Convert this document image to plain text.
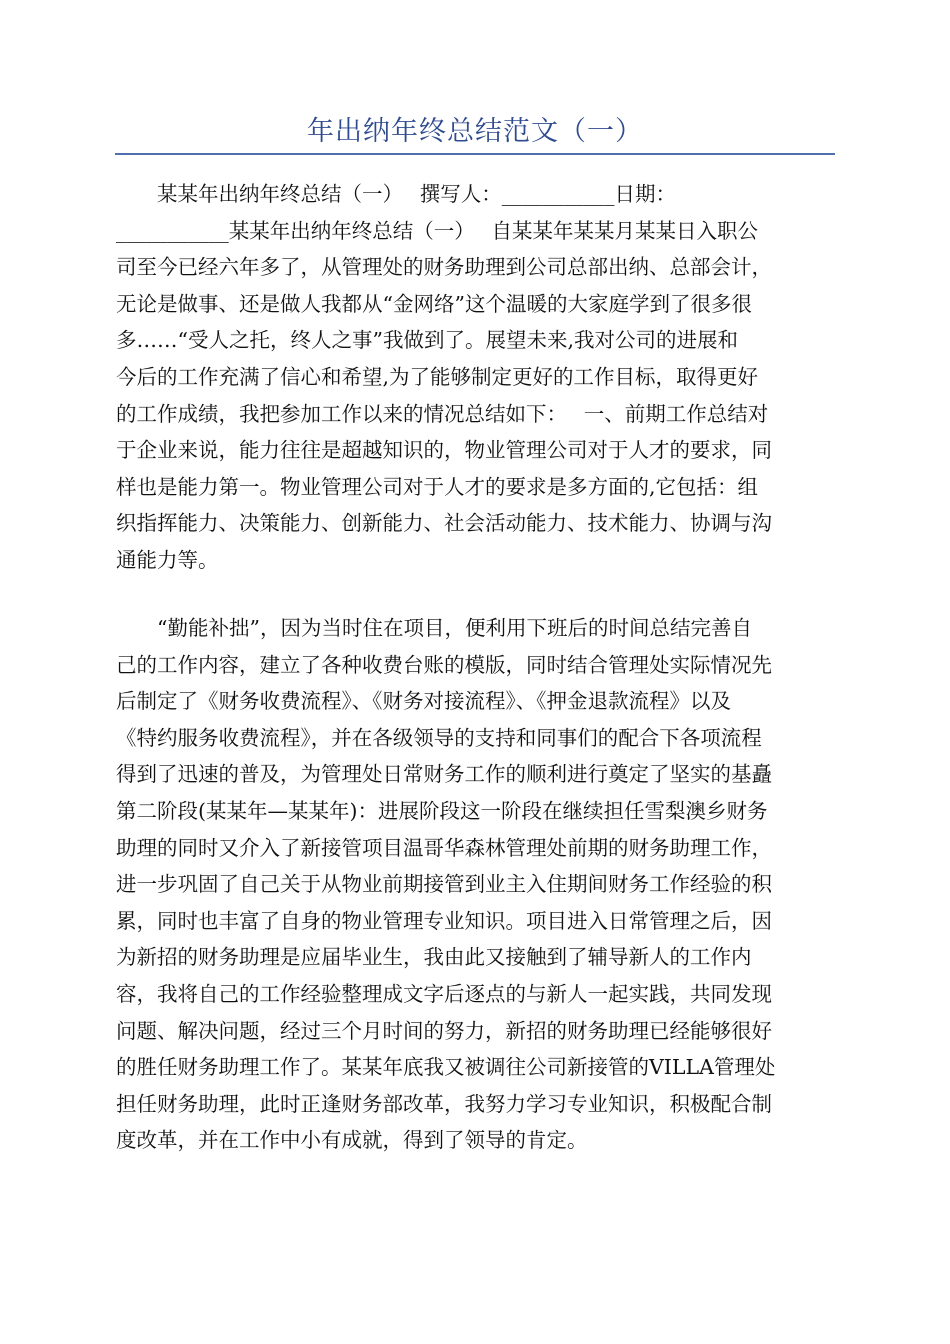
年出纳年终总结范文（一）
　　某某年出纳年终总结（一）　 撰写人：___________日期：
___________某某年出纳年终总结（一）　 自某某年某某月某某日入职公
司至今已经六年多了，从管理处的财务助理到公司总部出纳、总部会计，
无论是做事、还是做人我都从“金网络”这个温暖的大家庭学到了很多很
多……“受人之托，终人之事”我做到了。展望未来,我对公司的进展和
今后的工作充满了信心和希望,为了能够制定更好的工作目标，取得更好
的工作成绩，我把参加工作以来的情况总结如下：　 一、前期工作总结对
于企业来说，能力往往是超越知识的，物业管理公司对于人才的要求，同
样也是能力第一。物业管理公司对于人才的要求是多方面的,它包括：组
织指挥能力、决策能力、创新能力、社会活动能力、技术能力、协调与沟
通能力等。
　　“勤能补拙”，因为当时住在项目，便利用下班后的时间总结完善自
己的工作内容，建立了各种收费台账的模版，同时结合管理处实际情况先
后制定了《财务收费流程》、《财务对接流程》、《押金退款流程》以及
《特约服务收费流程》，并在各级领导的支持和同事们的配合下各项流程
得到了迅速的普及，为管理处日常财务工作的顺利进行奠定了坚实的基矗
第二阶段(某某年—某某年)：进展阶段这一阶段在继续担任雪梨澳乡财务
助理的同时又介入了新接管项目温哥华森林管理处前期的财务助理工作，
进一步巩固了自己关于从物业前期接管到业主入住期间财务工作经验的积
累，同时也丰富了自身的物业管理专业知识。项目进入日常管理之后，因
为新招的财务助理是应届毕业生，我由此又接触到了辅导新人的工作内
容，我将自己的工作经验整理成文字后逐点的与新人一起实践，共同发现
问题、解决问题，经过三个月时间的努力，新招的财务助理已经能够很好
的胜任财务助理工作了。某某年底我又被调往公司新接管的VILLA管理处
担任财务助理，此时正逢财务部改革，我努力学习专业知识，积极配合制
度改革，并在工作中小有成就，得到了领导的肯定。
